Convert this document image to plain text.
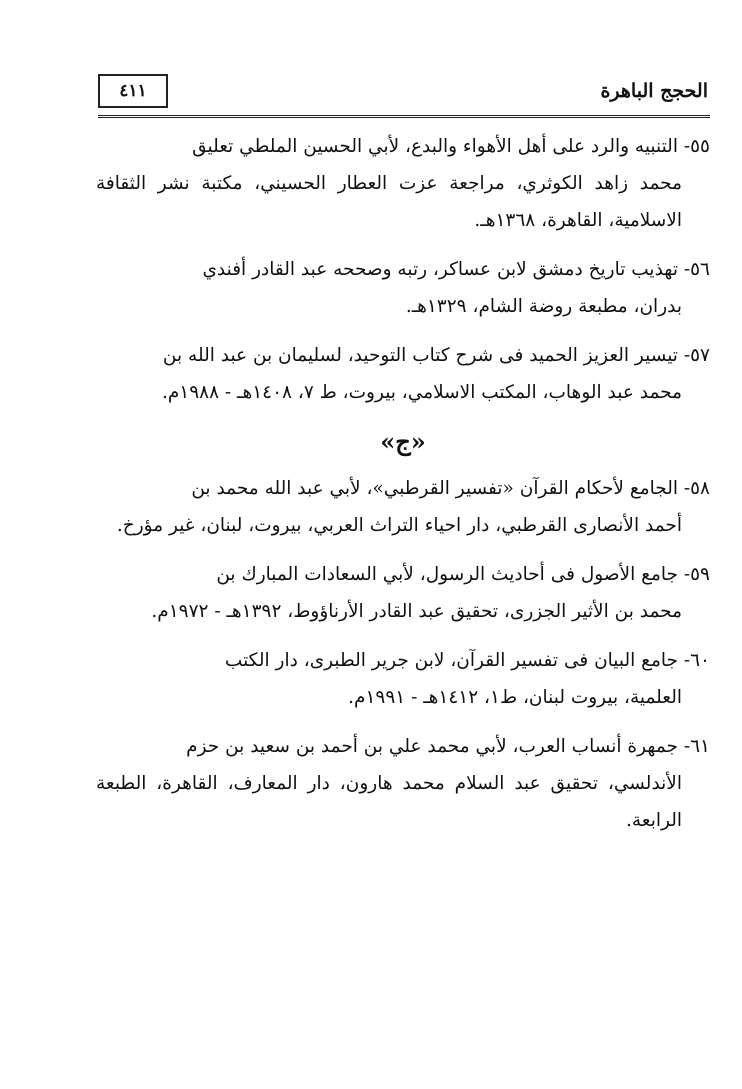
٤١١	الحجج الباهرة
٥٥- التنبيه والرد على أهل الأهواء والبدع، لأبي الحسين الملطي تعليق
محمد زاهد الكوثري، مراجعة عزت العطار الحسيني، مكتبة نشر الثقافة الاسلامية، القاهرة، ١٣٦٨هـ.
٥٦- تهذيب تاريخ دمشق لابن عساكر، رتبه وصححه عبد القادر أفندي
بدران، مطبعة روضة الشام، ١٣٢٩هـ.
٥٧- تيسير العزيز الحميد فى شرح كتاب التوحيد، لسليمان بن عبد الله بن
محمد عبد الوهاب، المكتب الاسلامي، بيروت، ط ٧، ١٤٠٨هـ - ١٩٨٨م.
«ج»
٥٨- الجامع لأحكام القرآن «تفسير القرطبي»، لأبي عبد الله محمد بن
أحمد الأنصارى القرطبي، دار احياء التراث العربي، بيروت، لبنان، غير مؤرخ.
٥٩- جامع الأصول فى أحاديث الرسول، لأبي السعادات المبارك بن
محمد بن الأثير الجزرى، تحقيق عبد القادر الأرناؤوط، ١٣٩٢هـ - ١٩٧٢م.
٦٠- جامع البيان فى تفسير القرآن، لابن جرير الطبرى، دار الكتب
العلمية، بيروت لبنان، ط١، ١٤١٢هـ - ١٩٩١م.
٦١- جمهرة أنساب العرب، لأبي محمد علي بن أحمد بن سعيد بن حزم
الأندلسي، تحقيق عبد السلام محمد هارون، دار المعارف، القاهرة، الطبعة الرابعة.
